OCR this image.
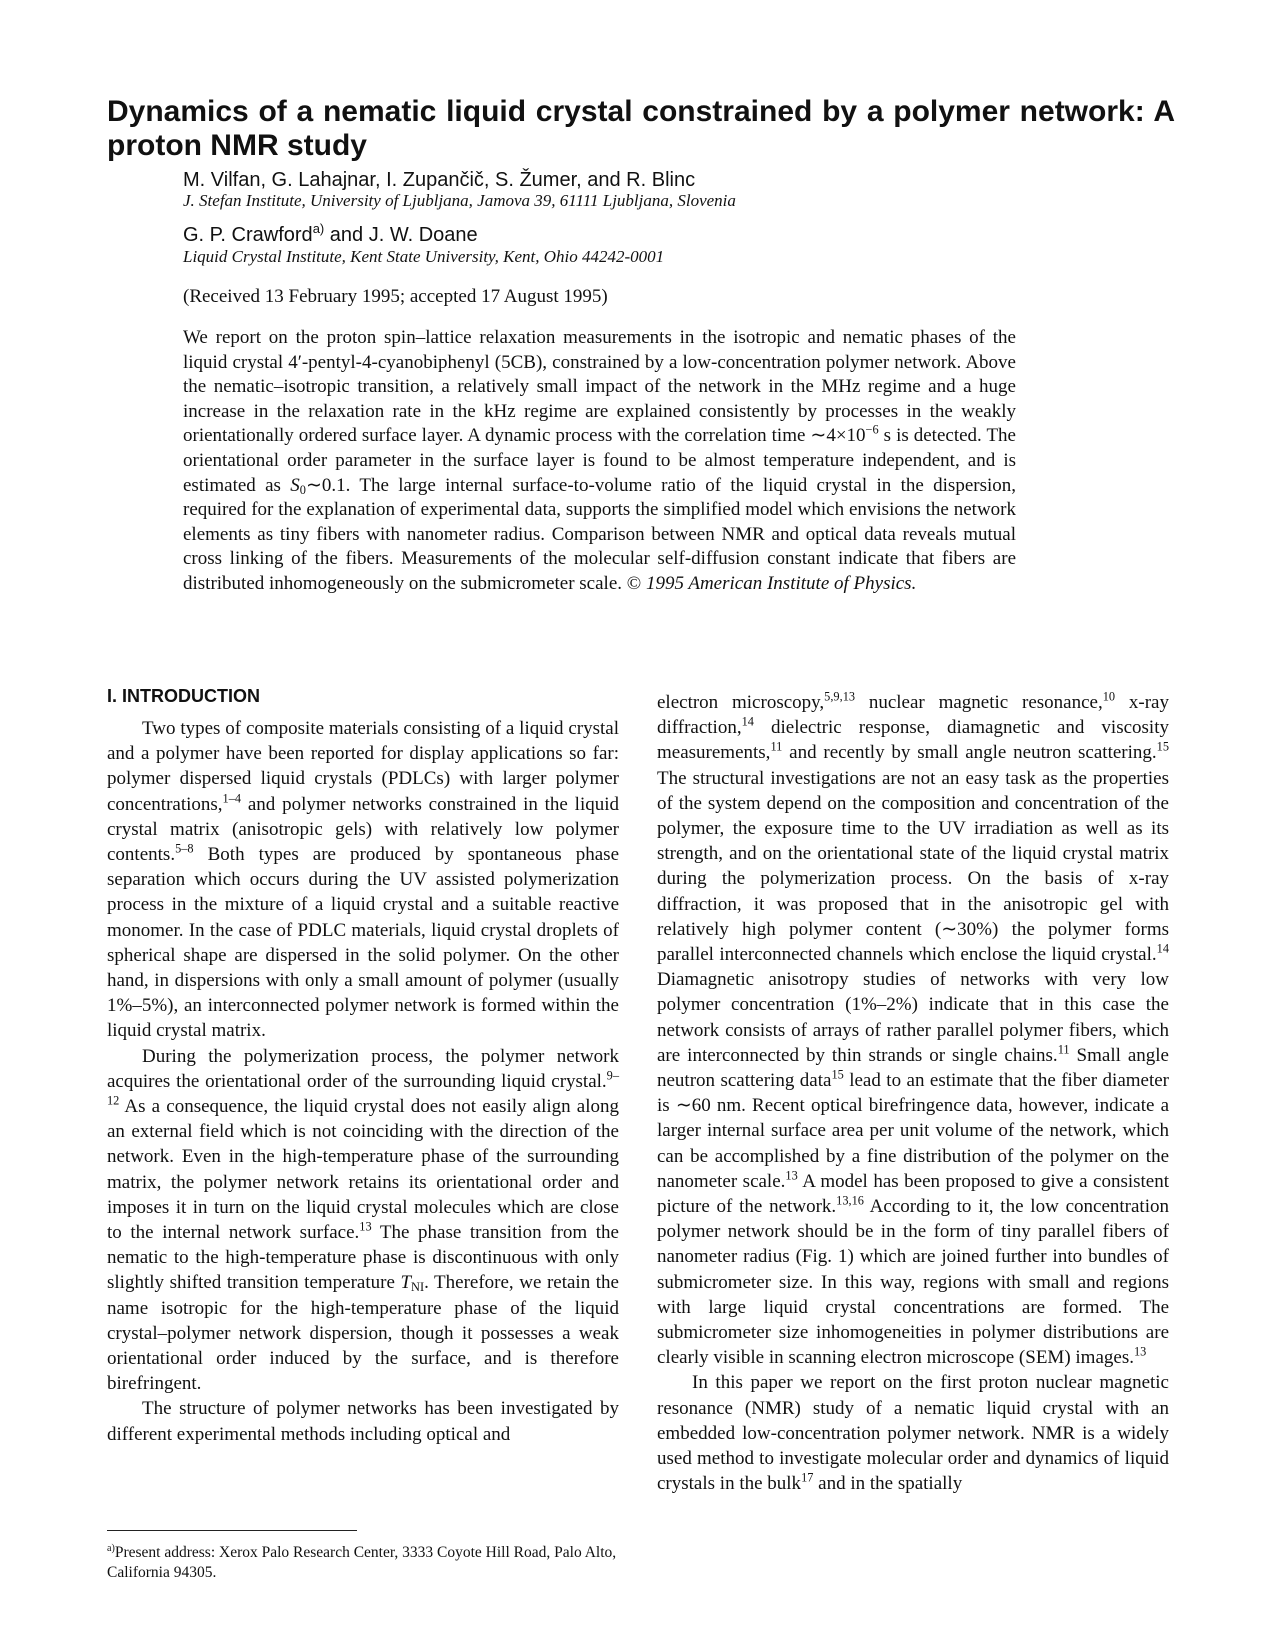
Dynamics of a nematic liquid crystal constrained by a polymer network: A proton NMR study

M. Vilfan, G. Lahajnar, I. Zupančič, S. Žumer, and R. Blinc

J. Stefan Institute, University of Ljubljana, Jamova 39, 61111 Ljubljana, Slovenia

G. P. Crawford$^{a)}$ and J. W. Doane

Liquid Crystal Institute, Kent State University, Kent, Ohio 44242-0001

(Received 13 February 1995; accepted 17 August 1995)

We report on the proton spin–lattice relaxation measurements in the isotropic and nematic phases of the liquid crystal 4′-pentyl-4-cyanobiphenyl (5CB), constrained by a low-concentration polymer network. Above the nematic–isotropic transition, a relatively small impact of the network in the MHz regime and a huge increase in the relaxation rate in the kHz regime are explained consistently by processes in the weakly orientationally ordered surface layer. A dynamic process with the correlation time $\sim 4\times 10^{-6}$ s is detected. The orientational order parameter in the surface layer is found to be almost temperature independent, and is estimated as $S_0\sim 0.1$. The large internal surface-to-volume ratio of the liquid crystal in the dispersion, required for the explanation of experimental data, supports the simplified model which envisions the network elements as tiny fibers with nanometer radius. Comparison between NMR and optical data reveals mutual cross linking of the fibers. Measurements of the molecular self-diffusion constant indicate that fibers are distributed inhomogeneously on the submicrometer scale. © 1995 American Institute of Physics.

I. INTRODUCTION

Two types of composite materials consisting of a liquid crystal and a polymer have been reported for display applications so far: polymer dispersed liquid crystals (PDLCs) with larger polymer concentrations,$^{1-4}$ and polymer networks constrained in the liquid crystal matrix (anisotropic gels) with relatively low polymer contents.$^{5-8}$ Both types are produced by spontaneous phase separation which occurs during the UV assisted polymerization process in the mixture of a liquid crystal and a suitable reactive monomer. In the case of PDLC materials, liquid crystal droplets of spherical shape are dispersed in the solid polymer. On the other hand, in dispersions with only a small amount of polymer (usually 1%–5%), an interconnected polymer network is formed within the liquid crystal matrix.

During the polymerization process, the polymer network acquires the orientational order of the surrounding liquid crystal.$^{9-12}$ As a consequence, the liquid crystal does not easily align along an external field which is not coinciding with the direction of the network. Even in the high-temperature phase of the surrounding matrix, the polymer network retains its orientational order and imposes it in turn on the liquid crystal molecules which are close to the internal network surface.$^{13}$ The phase transition from the nematic to the high-temperature phase is discontinuous with only slightly shifted transition temperature $T_{NI}$. Therefore, we retain the name isotropic for the high-temperature phase of the liquid crystal–polymer network dispersion, though it possesses a weak orientational order induced by the surface, and is therefore birefringent.

The structure of polymer networks has been investigated by different experimental methods including optical and

$^{a)}$Present address: Xerox Palo Research Center, 3333 Coyote Hill Road, Palo Alto, California 94305.

electron microscopy,$^{5,9,13}$ nuclear magnetic resonance,$^{10}$ x-ray diffraction,$^{14}$ dielectric response, diamagnetic and viscosity measurements,$^{11}$ and recently by small angle neutron scattering.$^{15}$ The structural investigations are not an easy task as the properties of the system depend on the composition and concentration of the polymer, the exposure time to the UV irradiation as well as its strength, and on the orientational state of the liquid crystal matrix during the polymerization process. On the basis of x-ray diffraction, it was proposed that in the anisotropic gel with relatively high polymer content (∼30%) the polymer forms parallel interconnected channels which enclose the liquid crystal.$^{14}$ Diamagnetic anisotropy studies of networks with very low polymer concentration (1%–2%) indicate that in this case the network consists of arrays of rather parallel polymer fibers, which are interconnected by thin strands or single chains.$^{11}$ Small angle neutron scattering data$^{15}$ lead to an estimate that the fiber diameter is ∼60 nm. Recent optical birefringence data, however, indicate a larger internal surface area per unit volume of the network, which can be accomplished by a fine distribution of the polymer on the nanometer scale.$^{13}$ A model has been proposed to give a consistent picture of the network.$^{13,16}$ According to it, the low concentration polymer network should be in the form of tiny parallel fibers of nanometer radius (Fig. 1) which are joined further into bundles of submicrometer size. In this way, regions with small and regions with large liquid crystal concentrations are formed. The submicrometer size inhomogeneities in polymer distributions are clearly visible in scanning electron microscope (SEM) images.$^{13}$

In this paper we report on the first proton nuclear magnetic resonance (NMR) study of a nematic liquid crystal with an embedded low-concentration polymer network. NMR is a widely used method to investigate molecular order and dynamics of liquid crystals in the bulk$^{17}$ and in the spatially
